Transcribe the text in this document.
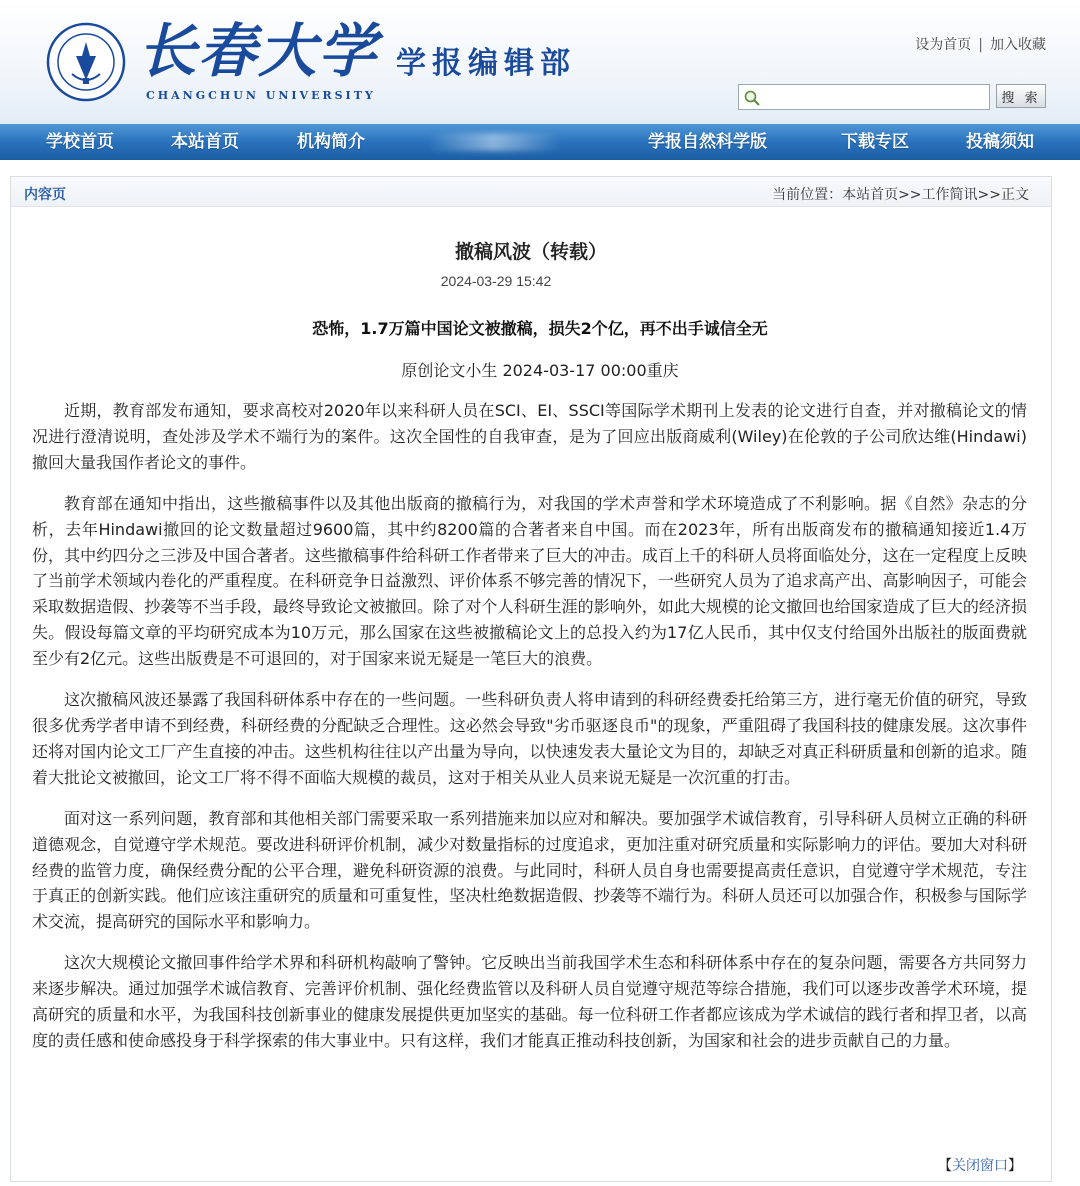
长春大学
CHANGCHUN UNIVERSITY
学报编辑部
设为首页 | 加入收藏
搜 索
学校首页	本站首页	机构简介	学报自然科学版	下载专区	投稿须知
内容页	当前位置：本站首页>>工作简讯>>正文
撤稿风波（转载）
2024-03-29 15:42
恐怖，1.7万篇中国论文被撤稿，损失2个亿，再不出手诚信全无
原创论文小生 2024-03-17 00:00重庆

近期，教育部发布通知，要求高校对2020年以来科研人员在SCI、EI、SSCI等国际学术期刊上发表的论文进行自查，并对撤稿论文的情况进行澄清说明，查处涉及学术不端行为的案件。这次全国性的自我审查，是为了回应出版商威利(Wiley)在伦敦的子公司欣达维(Hindawi)撤回大量我国作者论文的事件。

教育部在通知中指出，这些撤稿事件以及其他出版商的撤稿行为，对我国的学术声誉和学术环境造成了不利影响。据《自然》杂志的分析，去年Hindawi撤回的论文数量超过9600篇，其中约8200篇的合著者来自中国。而在2023年，所有出版商发布的撤稿通知接近1.4万份，其中约四分之三涉及中国合著者。这些撤稿事件给科研工作者带来了巨大的冲击。成百上千的科研人员将面临处分，这在一定程度上反映了当前学术领域内卷化的严重程度。在科研竞争日益激烈、评价体系不够完善的情况下，一些研究人员为了追求高产出、高影响因子，可能会采取数据造假、抄袭等不当手段，最终导致论文被撤回。除了对个人科研生涯的影响外，如此大规模的论文撤回也给国家造成了巨大的经济损失。假设每篇文章的平均研究成本为10万元，那么国家在这些被撤稿论文上的总投入约为17亿人民币，其中仅支付给国外出版社的版面费就至少有2亿元。这些出版费是不可退回的，对于国家来说无疑是一笔巨大的浪费。

这次撤稿风波还暴露了我国科研体系中存在的一些问题。一些科研负责人将申请到的科研经费委托给第三方，进行毫无价值的研究，导致很多优秀学者申请不到经费，科研经费的分配缺乏合理性。这必然会导致"劣币驱逐良币"的现象，严重阻碍了我国科技的健康发展。这次事件还将对国内论文工厂产生直接的冲击。这些机构往往以产出量为导向，以快速发表大量论文为目的，却缺乏对真正科研质量和创新的追求。随着大批论文被撤回，论文工厂将不得不面临大规模的裁员，这对于相关从业人员来说无疑是一次沉重的打击。

面对这一系列问题，教育部和其他相关部门需要采取一系列措施来加以应对和解决。要加强学术诚信教育，引导科研人员树立正确的科研道德观念，自觉遵守学术规范。要改进科研评价机制，减少对数量指标的过度追求，更加注重对研究质量和实际影响力的评估。要加大对科研经费的监管力度，确保经费分配的公平合理，避免科研资源的浪费。与此同时，科研人员自身也需要提高责任意识，自觉遵守学术规范，专注于真正的创新实践。他们应该注重研究的质量和可重复性，坚决杜绝数据造假、抄袭等不端行为。科研人员还可以加强合作，积极参与国际学术交流，提高研究的国际水平和影响力。

这次大规模论文撤回事件给学术界和科研机构敲响了警钟。它反映出当前我国学术生态和科研体系中存在的复杂问题，需要各方共同努力来逐步解决。通过加强学术诚信教育、完善评价机制、强化经费监管以及科研人员自觉遵守规范等综合措施，我们可以逐步改善学术环境，提高研究的质量和水平，为我国科技创新事业的健康发展提供更加坚实的基础。每一位科研工作者都应该成为学术诚信的践行者和捍卫者，以高度的责任感和使命感投身于科学探索的伟大事业中。只有这样，我们才能真正推动科技创新，为国家和社会的进步贡献自己的力量。

【关闭窗口】
